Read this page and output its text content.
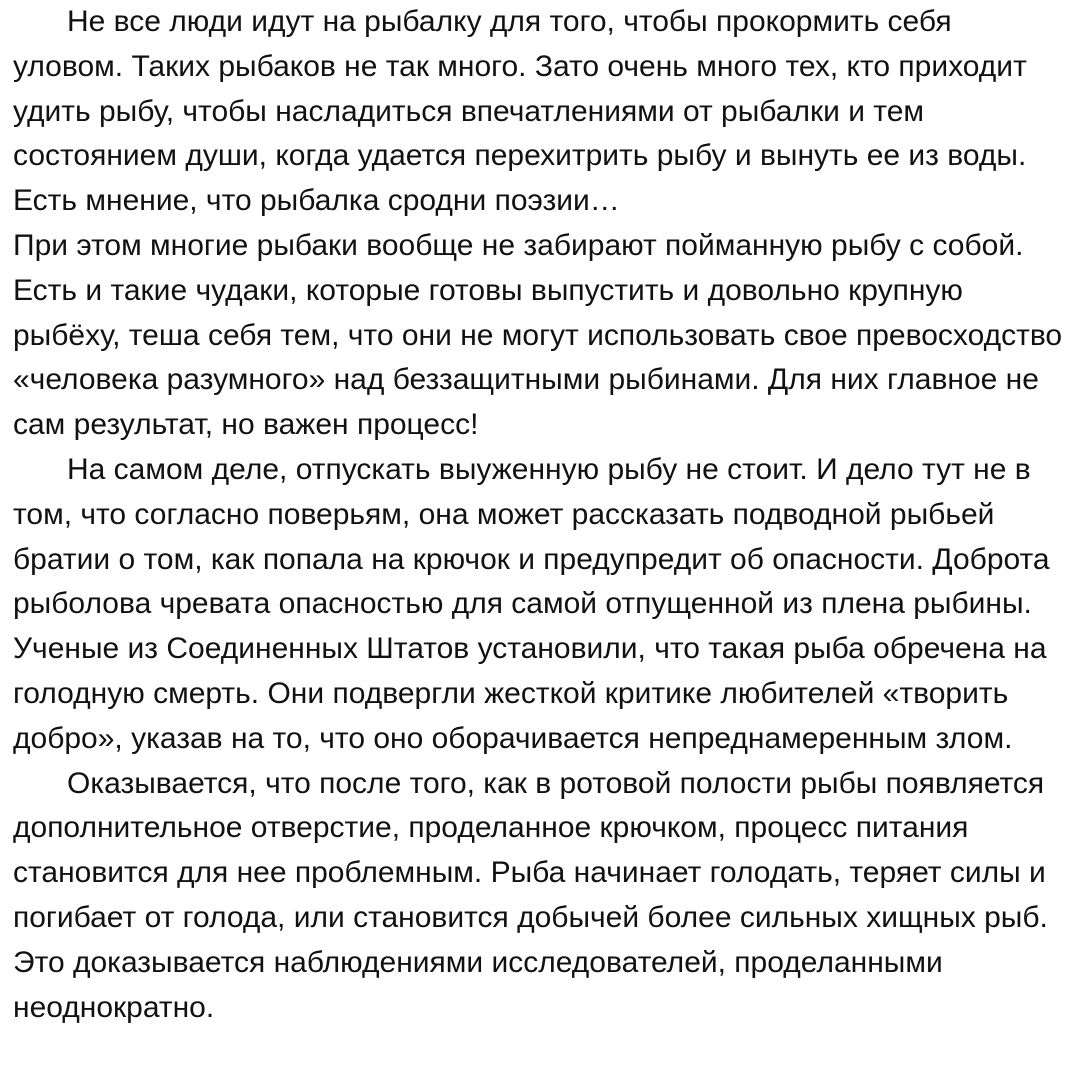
Не все люди идут на рыбалку для того, чтобы прокормить себя уловом. Таких рыбаков не так много. Зато очень много тех, кто приходит удить рыбу, чтобы насладиться впечатлениями от рыбалки и тем состоянием души, когда удается перехитрить рыбу и вынуть ее из воды. Есть мнение, что рыбалка сродни поэзии…

При этом многие рыбаки вообще не забирают пойманную рыбу с собой. Есть и такие чудаки, которые готовы выпустить и довольно крупную рыбёху, теша себя тем, что они не могут использовать свое превосходство «человека разумного» над беззащитными рыбинами. Для них главное не сам результат, но важен процесс!

На самом деле, отпускать выуженную рыбу не стоит. И дело тут не в том, что согласно поверьям, она может рассказать подводной рыбьей братии о том, как попала на крючок и предупредит об опасности. Доброта рыболова чревата опасностью для самой отпущенной из плена рыбины. Ученые из Соединенных Штатов установили, что такая рыба обречена на голодную смерть. Они подвергли жесткой критике любителей «творить добро», указав на то, что оно оборачивается непреднамеренным злом.

Оказывается, что после того, как в ротовой полости рыбы появляется дополнительное отверстие, проделанное крючком, процесс питания становится для нее проблемным. Рыба начинает голодать, теряет силы и погибает от голода, или становится добычей более сильных хищных рыб. Это доказывается наблюдениями исследователей, проделанными неоднократно.
